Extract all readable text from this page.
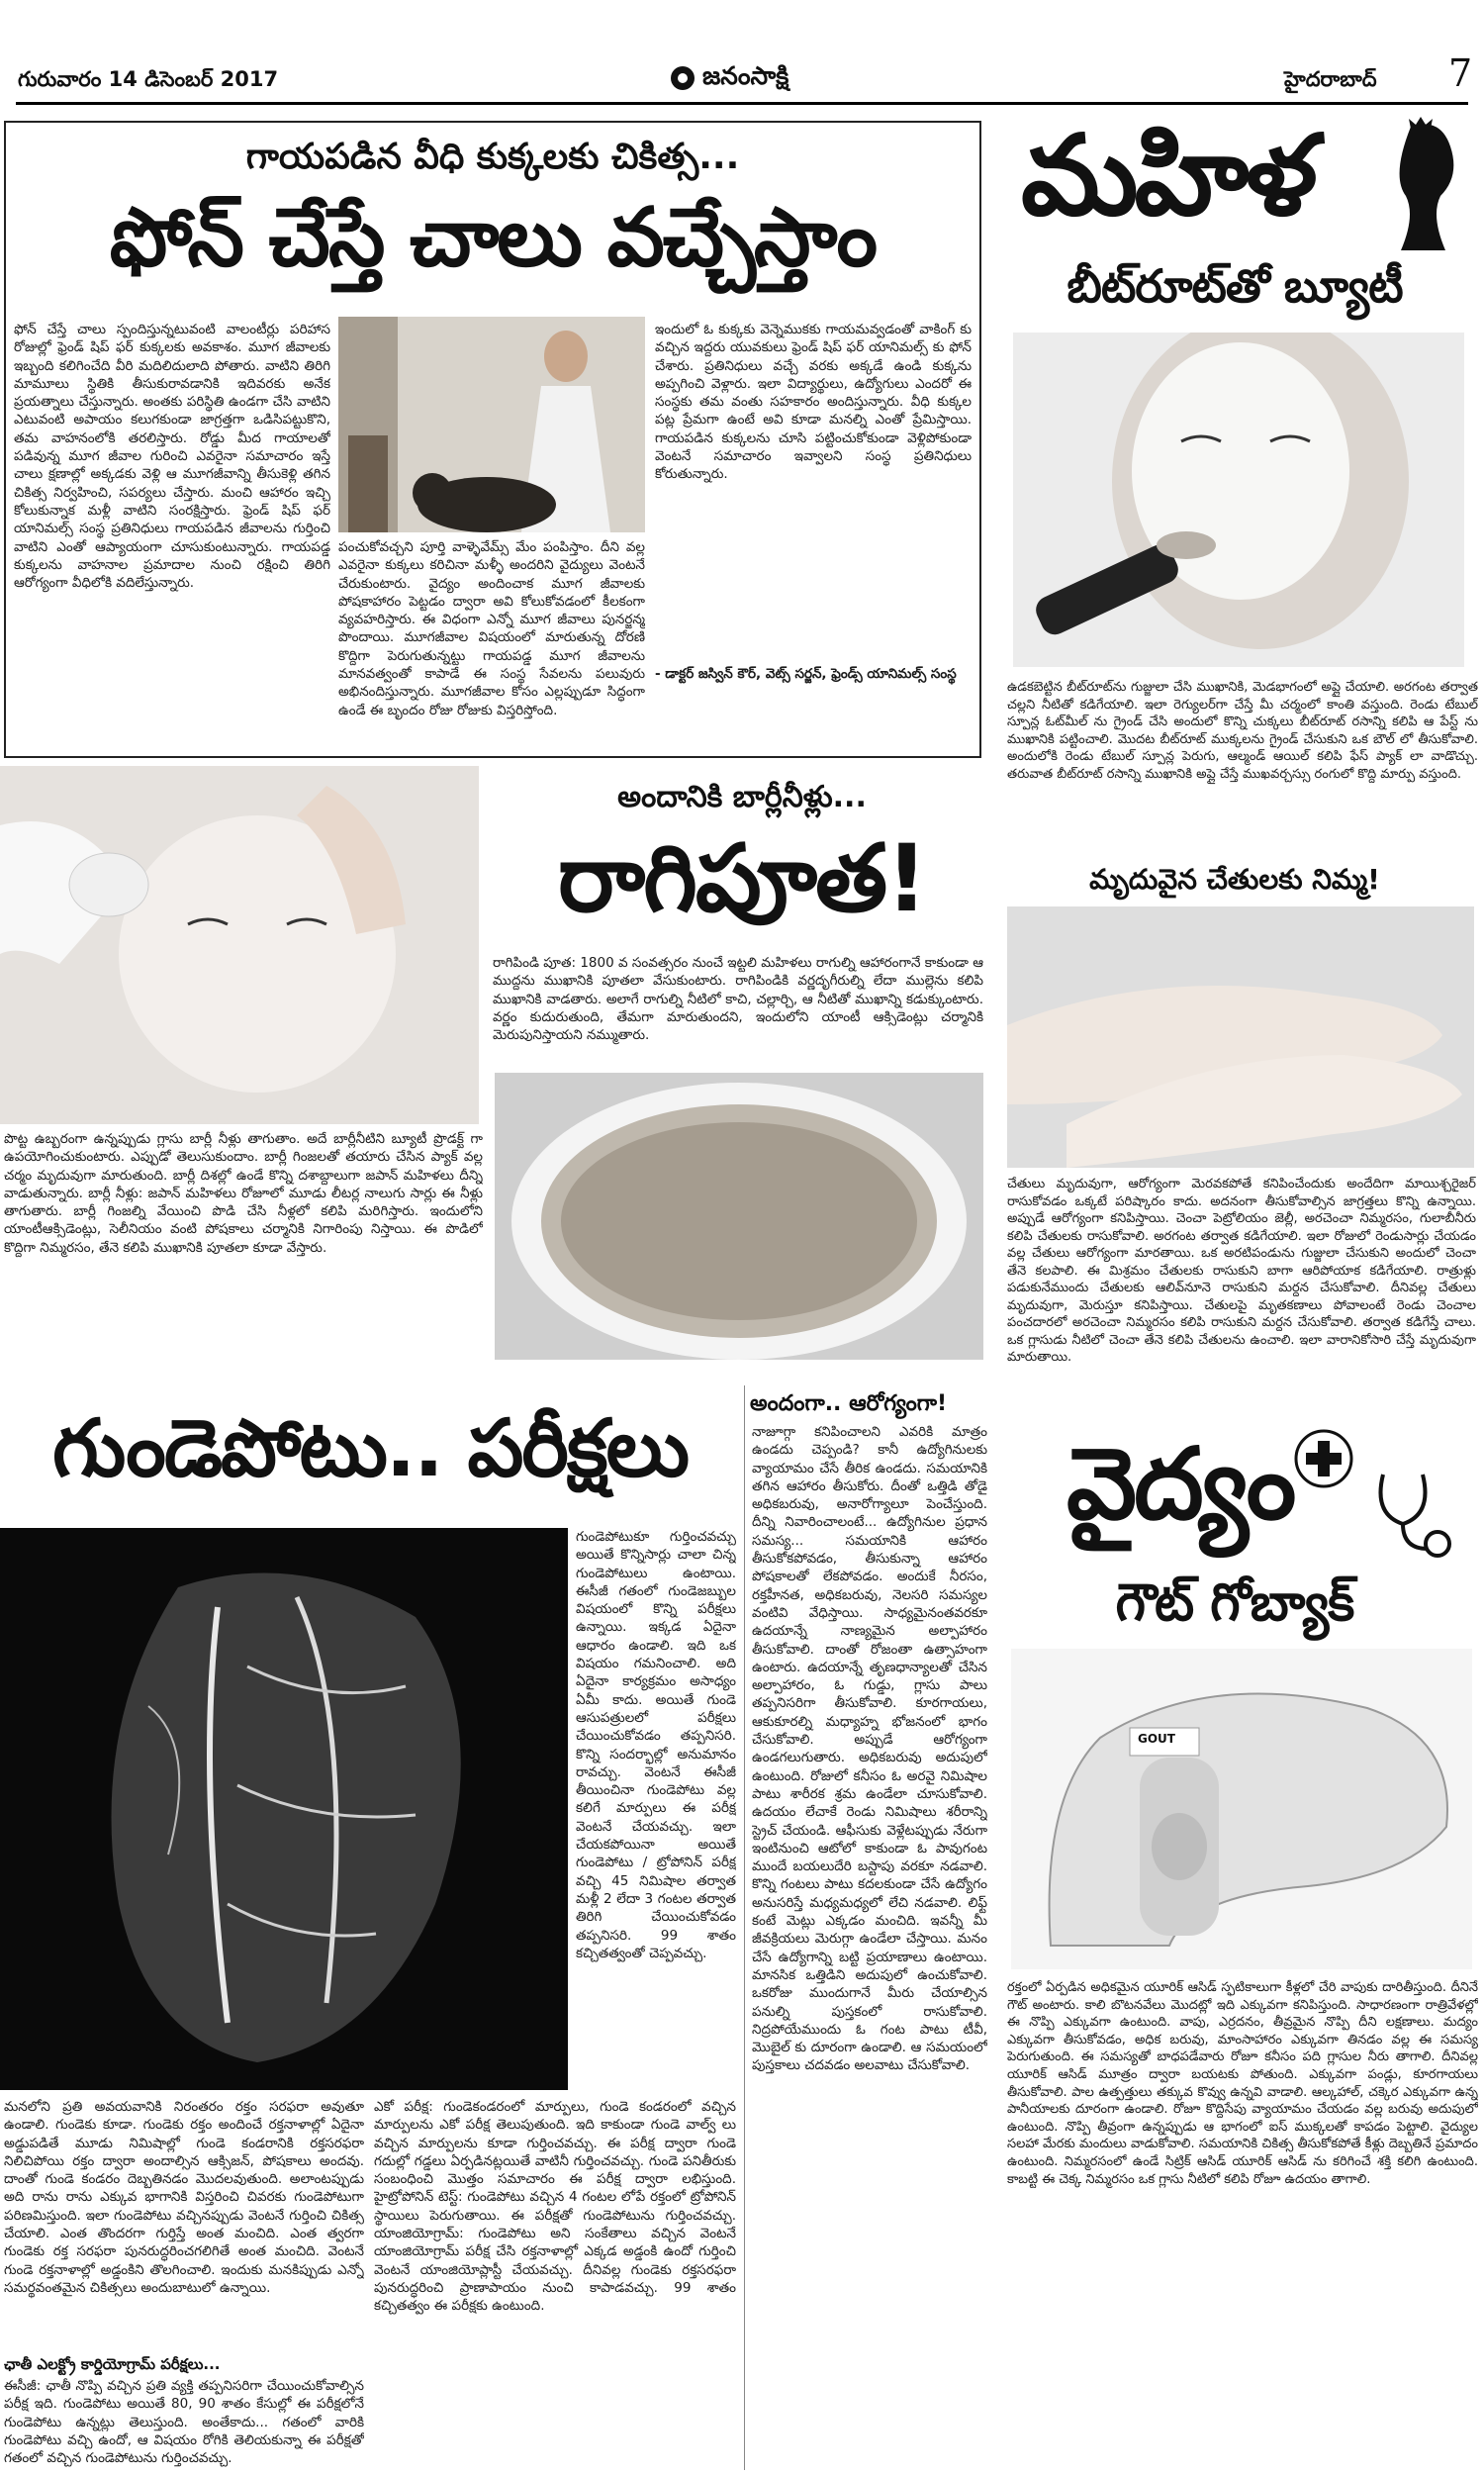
గురువారం 14 డిసెంబర్ 2017	జనంసాక్షి	హైదరాబాద్ 7
గాయపడిన వీధి కుక్కలకు చికిత్స...
ఫోన్ చేస్తే చాలు వచ్చేస్తాం
ఫోన్ చేస్తే చాలు స్పందిస్తున్నటువంటి వాలంటీర్లు పరిహాస రోజుల్లో ఫ్రెండ్ షిప్ ఫర్ కుక్కలకు అవకాశం. మూగ జీవాలకు ఇబ్బంది కలిగించేది వీరి మదిలిదులాది పోతారు. వాటిని తిరిగి మామూలు స్థితికి తీసుకురావడానికి ఇదివరకు అనేక ప్రయత్నాలు చేస్తున్నారు. అంతకు పరిస్థితి ఉండగా చేసి వాటిని ఎటువంటి అపాయం కలుగకుండా జాగ్రత్తగా ఒడిసిపట్టుకొని, తమ వాహనంలోకి తరలిస్తారు. రోడ్డు మీద గాయాలతో పడివున్న మూగ జీవాల గురించి ఎవరైనా సమాచారం ఇస్తే చాలు క్షణాల్లో అక్కడకు వెళ్లి ఆ మూగజీవాన్ని తీసుకెళ్లి తగిన చికిత్స నిర్వహించి, సపర్యలు చేస్తారు. మంచి ఆహారం ఇచ్చి కోలుకున్నాక మళ్లీ వాటిని సంరక్షిస్తారు. ఫ్రెండ్ షిప్ ఫర్ యానిమల్స్ సంస్థ ప్రతినిధులు గాయపడిన జీవాలను గుర్తించి వాటిని ఎంతో ఆప్యాయంగా చూసుకుంటున్నారు. గాయపడ్డ కుక్కలను వాహనాల ప్రమాదాల నుంచి రక్షించి తిరిగి ఆరోగ్యంగా వీధిలోకి వదిలేస్తున్నారు.
పంచుకోవచ్చని పూర్తి వాళ్ళెవేమ్స్ మేం పంపిస్తాం. దీని వల్ల ఎవరైనా కుక్కలు కరిచినా మళ్ళీ అందరిని వైద్యులు వెంటనే చేరుకుంటారు. వైద్యం అందించాక మూగ జీవాలకు పోషకాహారం పెట్టడం ద్వారా అవి కోలుకోవడంలో కీలకంగా వ్యవహరిస్తారు. ఈ విధంగా ఎన్నో మూగ జీవాలు పునర్జన్మ పొందాయి. మూగజీవాల విషయంలో మారుతున్న దోరణి కొద్దిగా పెరుగుతున్నట్టు గాయపడ్డ మూగ జీవాలను మానవత్వంతో కాపాడే ఈ సంస్థ సేవలను పలువురు అభినందిస్తున్నారు. మూగజీవాల కోసం ఎల్లప్పుడూ సిద్ధంగా ఉండే ఈ బృందం రోజు రోజుకు విస్తరిస్తోంది.
ఇందులో ఓ కుక్కకు వెన్నెముకకు గాయమవ్వడంతో వాకింగ్ కు వచ్చిన ఇద్దరు యువకులు ఫ్రెండ్ షిప్ ఫర్ యానిమల్స్ కు ఫోన్ చేశారు. ప్రతినిధులు వచ్చే వరకు అక్కడే ఉండి కుక్కను అప్పగించి వెళ్లారు. ఇలా విద్యార్థులు, ఉద్యోగులు ఎందరో ఈ సంస్థకు తమ వంతు సహకారం అందిస్తున్నారు. వీధి కుక్కల పట్ల ప్రేమగా ఉంటే అవి కూడా మనల్ని ఎంతో ప్రేమిస్తాయి. గాయపడిన కుక్కలను చూసి పట్టించుకోకుండా వెళ్లిపోకుండా వెంటనే సమాచారం ఇవ్వాలని సంస్థ ప్రతినిధులు కోరుతున్నారు.
- డాక్టర్ జస్విన్ కౌర్, వెట్స్ సర్జన్, ఫ్రెండ్స్ యానిమల్స్ సంస్థ
మహిళ
బీట్‌రూట్‌తో బ్యూటీ
ఉడకబెట్టిన బీట్‌రూట్‌ను గుజ్జులా చేసి ముఖానికి, మెడభాగంలో అప్లై చేయాలి. అరగంట తర్వాత చల్లని నీటితో కడిగేయాలి. ఇలా రెగ్యులర్‌గా చేస్తే మీ చర్మంలో కాంతి వస్తుంది. రెండు టేబుల్ స్పూన్ల ఓట్‌మీల్ ను గ్రైండ్ చేసి అందులో కొన్ని చుక్కలు బీట్‌రూట్ రసాన్ని కలిపి ఆ పేస్ట్ ను ముఖానికి పట్టించాలి. మొదట బీట్‌రూట్ ముక్కలను గ్రైండ్ చేసుకుని ఒక బౌల్ లో తీసుకోవాలి. అందులోకి రెండు టేబుల్ స్పూన్ల పెరుగు, ఆల్మండ్ ఆయిల్ కలిపి ఫేస్ ప్యాక్ లా వాడొచ్చు. తరువాత బీట్‌రూట్ రసాన్ని ముఖానికి అప్లై చేస్తే ముఖవర్చస్సు రంగులో కొద్ది మార్పు వస్తుంది.
అందానికి బార్లీనీళ్లు...
రాగిపూత!
రాగిపిండి పూత: 1800 వ సంవత్సరం నుంచే ఇట్టలి మహిళలు రాగుల్ని ఆహారంగానే కాకుండా ఆ ముద్దను ముఖానికి పూతలా వేసుకుంటారు. రాగిపిండికి వర్ణదృగీరుల్ని లేదా ముల్లెను కలిపి ముఖానికి వాడతారు. అలాగే రాగుల్ని నీటిలో కాచి, చల్లార్చి, ఆ నీటితో ముఖాన్ని కడుక్కుంటారు. వర్ణం కుదురుతుంది, తేమగా మారుతుందని, ఇందులోని యాంటీ ఆక్సిడెంట్లు చర్మానికి మెరుపునిస్తాయని నమ్ముతారు.
పొట్ట ఉబ్బరంగా ఉన్నప్పుడు గ్లాసు బార్లీ నీళ్లు తాగుతాం. అదే బార్లీనీటిని బ్యూటీ ప్రొడక్ట్ గా ఉపయోగించుకుంటారు. ఎప్పుడో తెలుసుకుందాం. బార్లీ గింజలతో తయారు చేసిన ప్యాక్ వల్ల చర్మం మృదువుగా మారుతుంది. బార్లీ దిశల్లో ఉండే కొన్ని దశాబ్దాలుగా జపాన్ మహిళలు దీన్ని వాడుతున్నారు. బార్లీ నీళ్లు: జపాన్ మహిళలు రోజూలో మూడు లీటర్ల నాలుగు సార్లు ఈ నీళ్లు తాగుతారు. బార్లీ గింజల్ని వేయించి పొడి చేసి నీళ్లలో కలిపి మరిగిస్తారు. ఇందులోని యాంటీఆక్సిడెంట్లు, సెలీనియం వంటి పోషకాలు చర్మానికి నిగారింపు నిస్తాయి. ఈ పొడిలో కొద్దిగా నిమ్మరసం, తేనె కలిపి ముఖానికి పూతలా కూడా వేస్తారు.
మృదువైన చేతులకు నిమ్మ!
చేతులు మృదువుగా, ఆరోగ్యంగా మెరవకపోతే కనిపించేందుకు అందేదిగా మాయిశ్చరైజర్ రాసుకోవడం ఒక్కటే పరిష్కారం కాదు. అదనంగా తీసుకోవాల్సిన జాగ్రత్తలు కొన్ని ఉన్నాయి. అప్పుడే ఆరోగ్యంగా కనిపిస్తాయి. చెంచా పెట్రోలియం జెల్లీ, అరచెంచా నిమ్మరసం, గులాబీనీరు కలిపి చేతులకు రాసుకోవాలి. అరగంట తర్వాత కడిగేయాలి. ఇలా రోజులో రెండుసార్లు చేయడం వల్ల చేతులు ఆరోగ్యంగా మారతాయి. ఒక అరటిపండును గుజ్జులా చేసుకుని అందులో చెంచా తేనె కలపాలి. ఈ మిశ్రమం చేతులకు రాసుకుని బాగా ఆరిపోయాక కడిగేయాలి. రాత్రుళ్లు పడుకునేముందు చేతులకు ఆలివ్‌నూనె రాసుకుని మర్దన చేసుకోవాలి. దీనివల్ల చేతులు మృదువుగా, మెరుస్తూ కనిపిస్తాయి. చేతులపై మృతకణాలు పోవాలంటే రెండు చెంచాల పంచదారలో అరచెంచా నిమ్మరసం కలిపి రాసుకుని మర్దన చేసుకోవాలి. తర్వాత కడిగేస్తే చాలు. ఒక గ్లాసుడు నీటిలో చెంచా తేనె కలిపి చేతులను ఉంచాలి. ఇలా వారానికోసారి చేస్తే మృదువుగా మారుతాయి.
గుండెపోటు.. పరీక్షలు
గుండెపోటుకూ గుర్తించవచ్చు అయితే కొన్నిసార్లు చాలా చిన్న గుండెపోటులు ఉంటాయి. ఈసీజీ గతంలో గుండెజబ్బుల విషయంలో కొన్ని పరీక్షలు ఉన్నాయి. ఇక్కడ ఏదైనా ఆధారం ఉండాలి. ఇది ఒక విషయం గమనించాలి. అది ఏదైనా కార్యక్రమం అసాధ్యం ఏమీ కాదు. అయితే గుండె ఆసుపత్రులలో పరీక్షలు చేయించుకోవడం తప్పనిసరి. కొన్ని సందర్భాల్లో అనుమానం రావచ్చు. వెంటనే ఈసీజీ తీయించినా గుండెపోటు వల్ల కలిగే మార్పులు ఈ పరీక్ష వెంటనే చేయవచ్చు. ఇలా చేయకపోయినా అయితే గుండెపోటు / ట్రోపోనిన్ పరీక్ష వచ్చి 45 నిమిషాల తర్వాత మళ్లీ 2 లేదా 3 గంటల తర్వాత తిరిగి చేయించుకోవడం తప్పనిసరి. 99 శాతం కచ్చితత్వంతో చెప్పవచ్చు.
మనలోని ప్రతి అవయవానికి నిరంతరం రక్తం సరఫరా అవుతూ ఉండాలి. గుండెకు కూడా. గుండెకు రక్తం అందించే రక్తనాళాల్లో ఏదైనా అడ్డుపడితే మూడు నిమిషాల్లో గుండె కండరానికి రక్తసరఫరా నిలిచిపోయి రక్తం ద్వారా అందాల్సిన ఆక్సిజన్, పోషకాలు అందవు. దాంతో గుండె కండరం దెబ్బతినడం మొదలవుతుంది. అలాంటప్పుడు అది రాను రాను ఎక్కువ భాగానికి విస్తరించి చివరకు గుండెపోటుగా పరిణమిస్తుంది. ఇలా గుండెపోటు వచ్చినప్పుడు వెంటనే గుర్తించి చికిత్స చేయాలి. ఎంత తొందరగా గుర్తిస్తే అంత మంచిది. ఎంత త్వరగా గుండెకు రక్త సరఫరా పునరుద్ధరించగలిగితే అంత మంచిది. వెంటనే గుండె రక్తనాళాల్లో అడ్డంకిని తొలగించాలి. ఇందుకు మనకిప్పుడు ఎన్నో సమర్థవంతమైన చికిత్సలు అందుబాటులో ఉన్నాయి.
ఛాతీ ఎలక్ట్రో కార్డియోగ్రామ్ పరీక్షలు...
ఈసీజీ: ఛాతీ నొప్పి వచ్చిన ప్రతి వ్యక్తి తప్పనిసరిగా చేయించుకోవాల్సిన పరీక్ష ఇది. గుండెపోటు అయితే 80, 90 శాతం కేసుల్లో ఈ పరీక్షలోనే గుండెపోటు ఉన్నట్లు తెలుస్తుంది. అంతేకాదు... గతంలో వారికి గుండెపోటు వచ్చి ఉందో, ఆ విషయం రోగికి తెలియకున్నా ఈ పరీక్షతో గతంలో వచ్చిన గుండెపోటును గుర్తించవచ్చు.
ఎకో పరీక్ష: గుండెకండరంలో మార్పులు, గుండె కండరంలో వచ్చిన మార్పులను ఎకో పరీక్ష తెలుపుతుంది. ఇది కాకుండా గుండె వాల్వ్ లు వచ్చిన మార్పులను కూడా గుర్తించవచ్చు. ఈ పరీక్ష ద్వారా గుండె గదుల్లో గడ్డలు ఏర్పడినట్లయితే వాటినీ గుర్తించవచ్చు. గుండె పనితీరుకు సంబంధించి మొత్తం సమాచారం ఈ పరీక్ష ద్వారా లభిస్తుంది. హైట్రోపోనిన్ టెస్ట్: గుండెపోటు వచ్చిన 4 గంటల లోపే రక్తంలో ట్రోపోనిన్ స్థాయిలు పెరుగుతాయి. ఈ పరీక్షతో గుండెపోటును గుర్తించవచ్చు. యాంజియోగ్రామ్: గుండెపోటు అని సంకేతాలు వచ్చిన వెంటనే యాంజియోగ్రామ్ పరీక్ష చేసి రక్తనాళాల్లో ఎక్కడ అడ్డంకి ఉందో గుర్తించి వెంటనే యాంజియోప్లాస్టీ చేయవచ్చు. దీనివల్ల గుండెకు రక్తసరఫరా పునరుద్ధరించి ప్రాణాపాయం నుంచి కాపాడవచ్చు. 99 శాతం కచ్చితత్వం ఈ పరీక్షకు ఉంటుంది.
అందంగా.. ఆరోగ్యంగా!
నాజూగ్గా కనిపించాలని ఎవరికి మాత్రం ఉండదు చెప్పండి? కానీ ఉద్యోగినులకు వ్యాయామం చేసే తీరిక ఉండదు. సమయానికి తగిన ఆహారం తీసుకోరు. దీంతో ఒత్తిడి తోడై అధికబరువు, అనారోగ్యాలూ పెంచేస్తుంది. దీన్ని నివారించాలంటే... ఉద్యోగినుల ప్రధాన సమస్య... సమయానికి ఆహారం తీసుకోకపోవడం, తీసుకున్నా ఆహారం పోషకాలతో లేకపోవడం. అందుకే నీరసం, రక్తహీనత, అధికబరువు, నెలసరి సమస్యల వంటివి వేధిస్తాయి. సాధ్యమైనంతవరకూ ఉదయాన్నే నాణ్యమైన అల్పాహారం తీసుకోవాలి. దాంతో రోజంతా ఉత్సాహంగా ఉంటారు. ఉదయాన్నే తృణధాన్యాలతో చేసిన అల్పాహారం, ఓ గుడ్డు, గ్లాసు పాలు తప్పనిసరిగా తీసుకోవాలి. కూరగాయలు, ఆకుకూరల్ని మధ్యాహ్న భోజనంలో భాగం చేసుకోవాలి. అప్పుడే ఆరోగ్యంగా ఉండగలుగుతారు. అధికబరువు అదుపులో ఉంటుంది. రోజులో కనీసం ఓ అరవై నిమిషాల పాటు శారీరక శ్రమ ఉండేలా చూసుకోవాలి. ఉదయం లేచాకే రెండు నిమిషాలు శరీరాన్ని స్ట్రెచ్ చేయండి. ఆఫీసుకు వెళ్లేటప్పుడు నేరుగా ఇంటినుంచి ఆటోలో కాకుండా ఓ పావుగంట ముందే బయలుదేరి బస్టాపు వరకూ నడవాలి. కొన్ని గంటలు పాటు కదలకుండా చేసే ఉద్యోగం అనుసరిస్తే మధ్యమధ్యలో లేచి నడవాలి. లిఫ్ట్ కంటే మెట్లు ఎక్కడం మంచిది. ఇవన్నీ మీ జీవక్రియలు మెరుగ్గా ఉండేలా చేస్తాయి. మనం చేసే ఉద్యోగాన్ని బట్టి ప్రయాణాలు ఉంటాయి. మానసిక ఒత్తిడిని అదుపులో ఉంచుకోవాలి. ఒకరోజు ముందుగానే మీరు చేయాల్సిన పనుల్ని పుస్తకంలో రాసుకోవాలి. నిద్రపోయేముందు ఓ గంట పాటు టీవీ, మొబైల్ కు దూరంగా ఉండాలి. ఆ సమయంలో పుస్తకాలు చదవడం అలవాటు చేసుకోవాలి.
వైద్యం
గౌట్ గోబ్యాక్
GOUT
రక్తంలో ఏర్పడిన అధికమైన యూరిక్ ఆసిడ్ స్ఫటికాలుగా కీళ్లలో చేరి వాపుకు దారితీస్తుంది. దీనినే గౌట్ అంటారు. కాలి బొటనవేలు మొదట్లో ఇది ఎక్కువగా కనిపిస్తుంది. సాధారణంగా రాత్రివేళల్లో ఈ నొప్పి ఎక్కువగా ఉంటుంది. వాపు, ఎర్రదనం, తీవ్రమైన నొప్పి దీని లక్షణాలు. మద్యం ఎక్కువగా తీసుకోవడం, అధిక బరువు, మాంసాహారం ఎక్కువగా తినడం వల్ల ఈ సమస్య పెరుగుతుంది. ఈ సమస్యతో బాధపడేవారు రోజూ కనీసం పది గ్లాసుల నీరు తాగాలి. దీనివల్ల యూరిక్ ఆసిడ్ మూత్రం ద్వారా బయటకు పోతుంది. ఎక్కువగా పండ్లు, కూరగాయలు తీసుకోవాలి. పాల ఉత్పత్తులు తక్కువ కొవ్వు ఉన్నవి వాడాలి. ఆల్కహాల్, చక్కెర ఎక్కువగా ఉన్న పానీయాలకు దూరంగా ఉండాలి. రోజూ కొద్దిసేపు వ్యాయామం చేయడం వల్ల బరువు అదుపులో ఉంటుంది. నొప్పి తీవ్రంగా ఉన్నప్పుడు ఆ భాగంలో ఐస్ ముక్కలతో కాపడం పెట్టాలి. వైద్యుల సలహా మేరకు మందులు వాడుకోవాలి. సమయానికి చికిత్స తీసుకోకపోతే కీళ్లు దెబ్బతినే ప్రమాదం ఉంటుంది. నిమ్మరసంలో ఉండే సిట్రిక్ ఆసిడ్ యూరిక్ ఆసిడ్ ను కరిగించే శక్తి కలిగి ఉంటుంది. కాబట్టి ఈ చెక్క నిమ్మరసం ఒక గ్లాసు నీటిలో కలిపి రోజూ ఉదయం తాగాలి.
